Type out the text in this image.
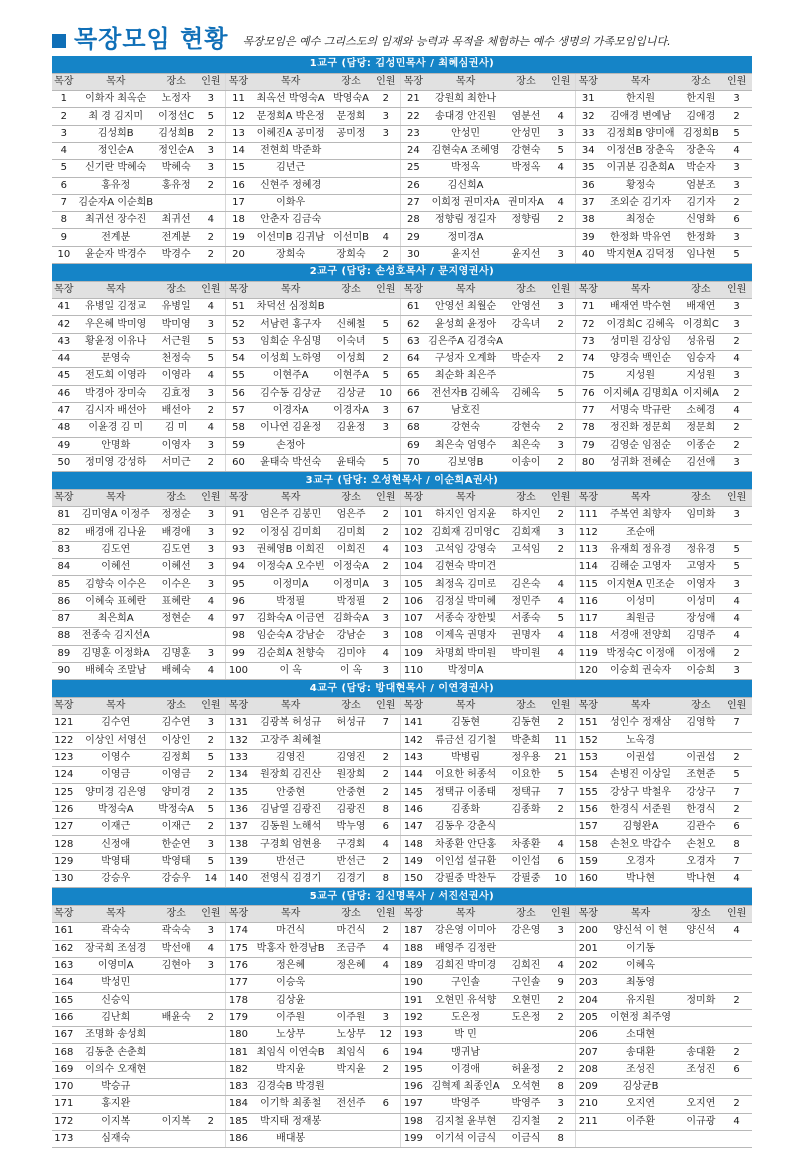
목장모임 현황 목장모임은 예수 그리스도의 임재와 능력과 목적을 체험하는 예수 생명의 가족모임입니다.
1교구 (담당: 김성민목사 / 최혜심권사)															
목장	목자	장소	인원	목장	목자	장소	인원	목장	목자	장소	인원	목장	목자	장소	인원
1	이화자 최옥순	노정자	3	11	최옥선 박영숙A	박영숙A	2	21	강원희 최한나			31	한지원	한지원	3
2	최 경 김지미	이정선C	5	12	문정희A 박은정	문정희	3	22	송대경 안진원	염분선	4	32	김애경 변예남	김애경	2
3	김성희B	김성희B	2	13	이혜진A 공미정	공미정	3	23	안성민	안성민	3	33	김정희B 양미애	김정희B	5
4	정인순A	정인순A	3	14	전현희 박준화			24	김현숙A 조혜영	강현숙	5	34	이정선B 장춘옥	장춘옥	4
5	신기란 박혜숙	박혜숙	3	15	김년근			25	박정옥	박정옥	4	35	이귀분 김춘희A	박순자	3
6	홍유정	홍유정	2	16	신현주 정혜경			26	김신희A			36	황정숙	엄분조	3
7	김순자A 이순희B			17	이화우			27	이희정 권미자A	권미자A	4	37	조외순 김기자	김기자	2
8	최귀선 장수진	최귀선	4	18	안춘자 김금숙			28	정향림 정길자	정향림	2	38	최정순	신영화	6
9	전계분	전계분	2	19	이선미B 김귀남	이선미B	4	29	정미경A			39	한정화 박유연	한정화	3
10	윤순자 박경수	박경수	2	20	장희숙	장희숙	2	30	윤지선	윤지선	3	40	박지현A 김덕정	임나현	5
2교구 (담당: 손성호목사 / 문지영권사)															
목장	목자	장소	인원	목장	목자	장소	인원	목장	목자	장소	인원	목장	목자	장소	인원
41	유병일 김정교	유병일	4	51	차덕선 심정희B			61	안영선 최월순	안영선	3	71	배재연 박수현	배재연	3
42	우은혜 박미영	박미영	3	52	서남련 홍구자	신혜철	5	62	윤성희 윤정아	강옥녀	2	72	이경희C 김혜옥	이경희C	3
43	황윤정 이유나	서근원	5	53	임희순 우심명	이숙녀	5	63	김은주A 김경숙A			73	성미원 김상임	성유림	2
44	문영숙	천정숙	5	54	이성희 노하영	이성희	2	64	구성자 오계화	박순자	2	74	양경숙 백인순	임승자	4
45	전도희 이영라	이영라	4	55	이현주A	이현주A	5	65	최순화 최은주			75	지성원	지성원	3
46	박경아 장미숙	김효정	3	56	김수동 김상균	김상균	10	66	전선자B 김혜옥	김혜옥	5	76	이지혜A 김명희A	이지혜A	2
47	김시자 배선아	배선아	2	57	이경자A	이경자A	3	67	남호진			77	서명숙 박규란	소혜경	4
48	이윤경 김 미	김 미	4	58	이나연 김윤정	김윤정	3	68	강현숙	강현숙	2	78	정진화 정문희	정문희	2
49	안명화	이영자	3	59	손정아			69	최은숙 엄영수	최은숙	3	79	김영순 임점순	이종순	2
50	정미영 강성하	서미근	2	60	윤태숙 박선숙	윤태숙	5	70	김보영B	이송이	2	80	성귀화 전혜순	김선애	3
3교구 (담당: 오성현목사 / 이순희A권사)															
목장	목자	장소	인원	목장	목자	장소	인원	목장	목자	장소	인원	목장	목자	장소	인원
81	김미영A 이정주	정정순	3	91	엄은주 김봉민	엄은주	2	101	하지인 엄지윤	하지인	2	111	주복연 최향자	임미화	3
82	배경애 김나윤	배경애	3	92	이정심 김미희	김미희	2	102	김희재 김미영C	김희재	3	112	조순애		
83	김도연	김도연	3	93	권혜영B 이희진	이희진	4	103	고석임 강영숙	고석임	2	113	유재희 정유경	정유경	5
84	이혜선	이혜선	3	94	이정숙A 오수빈	이정숙A	2	104	김현숙 박미견			114	김해순 고영자	고영자	5
85	김향숙 이수은	이수은	3	95	이정미A	이정미A	3	105	최정옥 김미로	김은숙	4	115	이지현A 민조순	이영자	3
86	이혜숙 표혜란	표혜란	4	96	박정필	박정필	2	106	김정실 박미혜	정민주	4	116	이성미	이성미	4
87	최은희A	정현순	4	97	김화숙A 이금연	김화숙A	3	107	서종숙 장한빛	서종숙	5	117	최원금	장성애	4
88	전종숙 김지선A			98	임순숙A 강남순	강남순	3	108	이제옥 권명자	권명자	4	118	서경애 전양희	김명주	4
89	김명훈 이정화A	김명훈	3	99	김순희A 천향숙	김미야	4	109	차명희 박미원	박미원	4	119	박정숙C 이정애	이정애	2
90	배혜숙 조말남	배혜숙	4	100	이 옥	이 옥	3	110	박정미A			120	이승희 권숙자	이승희	3
4교구 (담당: 방대현목사 / 이연경권사)															
목장	목자	장소	인원	목장	목자	장소	인원	목장	목자	장소	인원	목장	목자	장소	인원
121	김수연	김수연	3	131	김광복 허성규	허성규	7	141	김동현	김동현	2	151	성인수 정재삼	김영학	7
122	이상인 서영선	이상인	2	132	고장주 최혜철			142	류금선 김기철	박춘희	11	152	노옥경		
123	이영수	김정희	5	133	김영진	김영진	2	143	박병림	정우용	21	153	이권섭	이권섭	2
124	이영금	이영금	2	134	원장희 김진산	원장희	2	144	이요한 허종석	이요한	5	154	손병진 이상일	조현준	5
125	양미경 김은영	양미경	2	135	안중현	안중현	2	145	정택규 이종태	정택규	7	155	강상구 박철우	강상구	7
126	박정숙A	박정숙A	5	136	김남열 김광진	김광진	8	146	김종화	김종화	2	156	한경식 서준원	한경식	2
127	이재근	이재근	2	137	김동원 노해석	박누영	6	147	김동우 강춘식			157	김형완A	김관수	6
128	신정애	한순연	3	138	구경회 엄현용	구경회	4	148	차종환 안단홍	차종환	4	158	손천오 박갑수	손천오	8
129	박영태	박영태	5	139	반선근	반선근	2	149	이인섭 설규환	이인섭	6	159	오경자	오경자	7
130	강승우	강승우	14	140	전영식 김경기	김경기	8	150	강필중 박찬두	강필중	10	160	박나현	박나현	4
5교구 (담당: 김신명목사 / 서진선권사)															
목장	목자	장소	인원	목장	목자	장소	인원	목장	목자	장소	인원	목장	목자	장소	인원
161	곽숙숙	곽숙숙	3	174	마건식	마건식	2	187	강은영 이미아	강은영	3	200	양신석 이 현	양신석	4
162	장국희 조섬경	박선애	4	175	박홍자 한경남B	조금주	4	188	배영주 김정란			201	이기동		
163	이영미A	김현아	3	176	정은혜	정은혜	4	189	김희진 박미경	김희진	4	202	이혜옥		
164	박성민			177	이승욱			190	구인솔	구인솔	9	203	최동영		
165	신승익			178	김상윤			191	오현민 유석향	오현민	2	204	유지원	정미화	2
166	김난희	배윤숙	2	179	이주원	이주원	3	192	도은정	도은정	2	205	이현정 최주영		
167	조명화 송성희			180	노상무	노상무	12	193	박 민			206	소대현		
168	김동춘 손춘희			181	최임식 이연숙B	최임식	6	194	맹귀남			207	송대환	송대환	2
169	이의수 오재현			182	박지윤	박지윤	2	195	이경애	허윤정	2	208	조성진	조성진	6
170	박승규			183	김경숙B 박경원			196	김혁제 최종인A	오석현	8	209	김상균B		
171	홍지완			184	이기학 최종철	전선주	6	197	박영주	박영주	3	210	오지연	오지연	2
172	이지복	이지복	2	185	박지태 정재봉			198	김지철 윤부현	김지철	2	211	이주환	이규광	4
173	심재숙			186	배대봉			199	이기석 이금식	이금식	8				
